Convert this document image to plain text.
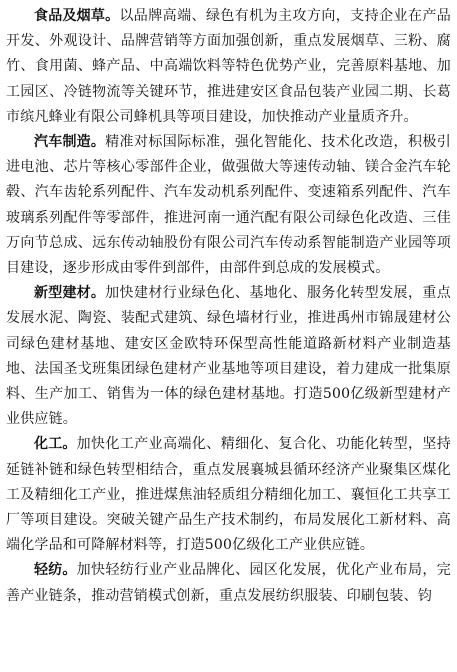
食品及烟草。以品牌高端、绿色有机为主攻方向，支持企业在产品开发、外观设计、品牌营销等方面加强创新，重点发展烟草、三粉、腐竹、食用菌、蜂产品、中高端饮料等特色优势产业，完善原料基地、加工园区、冷链物流等关键环节，推进建安区食品包装产业园二期、长葛市缤凡蜂业有限公司蜂机具等项目建设，加快推动产业量质齐升。

汽车制造。精准对标国际标准，强化智能化、技术化改造，积极引进电池、芯片等核心零部件企业，做强做大等速传动轴、镁合金汽车轮毂、汽车齿轮系列配件、汽车发动机系列配件、变速箱系列配件、汽车玻璃系列配件等零部件，推进河南一通汽配有限公司绿色化改造、三佳万向节总成、远东传动轴股份有限公司汽车传动系智能制造产业园等项目建设，逐步形成由零件到部件，由部件到总成的发展模式。

新型建材。加快建材行业绿色化、基地化、服务化转型发展，重点发展水泥、陶瓷、装配式建筑、绿色墙材行业，推进禹州市锦晟建材公司绿色建材基地、建安区金欧特环保型高性能道路新材料产业制造基地、法国圣戈班集团绿色建材产业基地等项目建设，着力建成一批集原料、生产加工、销售为一体的绿色建材基地。打造500亿级新型建材产业供应链。

化工。加快化工产业高端化、精细化、复合化、功能化转型，坚持延链补链和绿色转型相结合，重点发展襄城县循环经济产业聚集区煤化工及精细化工产业，推进煤焦油轻质组分精细化加工、襄恒化工共享工厂等项目建设。突破关键产品生产技术制约，布局发展化工新材料、高端化学品和可降解材料等，打造500亿级化工产业供应链。

轻纺。加快轻纺行业产业品牌化、园区化发展，优化产业布局，完善产业链条，推动营销模式创新，重点发展纺织服装、印刷包装、钧
